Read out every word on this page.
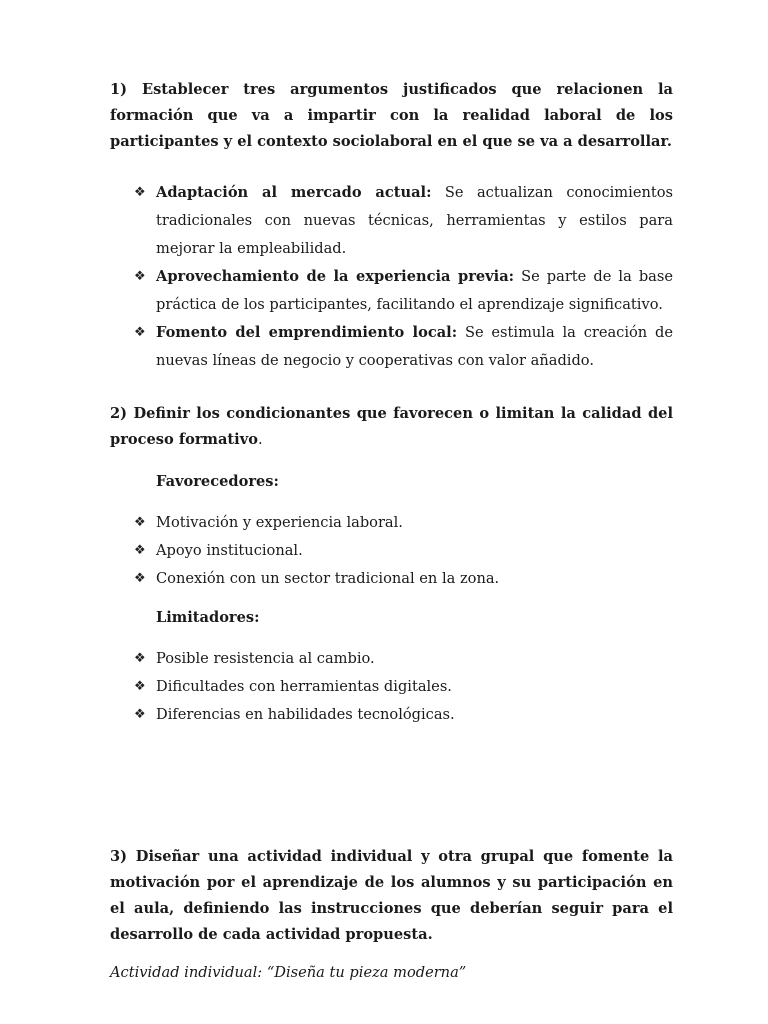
1) Establecer tres argumentos justificados que relacionen la formación que va a impartir con la realidad laboral de los participantes y el contexto sociolaboral en el que se va a desarrollar.

❖ Adaptación al mercado actual: Se actualizan conocimientos tradicionales con nuevas técnicas, herramientas y estilos para mejorar la empleabilidad.
❖ Aprovechamiento de la experiencia previa: Se parte de la base práctica de los participantes, facilitando el aprendizaje significativo.
❖ Fomento del emprendimiento local: Se estimula la creación de nuevas líneas de negocio y cooperativas con valor añadido.

2) Definir los condicionantes que favorecen o limitan la calidad del proceso formativo.

Favorecedores:

❖ Motivación y experiencia laboral.
❖ Apoyo institucional.
❖ Conexión con un sector tradicional en la zona.

Limitadores:

❖ Posible resistencia al cambio.
❖ Dificultades con herramientas digitales.
❖ Diferencias en habilidades tecnológicas.

3) Diseñar una actividad individual y otra grupal que fomente la motivación por el aprendizaje de los alumnos y su participación en el aula, definiendo las instrucciones que deberían seguir para el desarrollo de cada actividad propuesta.

Actividad individual: “Diseña tu pieza moderna”
